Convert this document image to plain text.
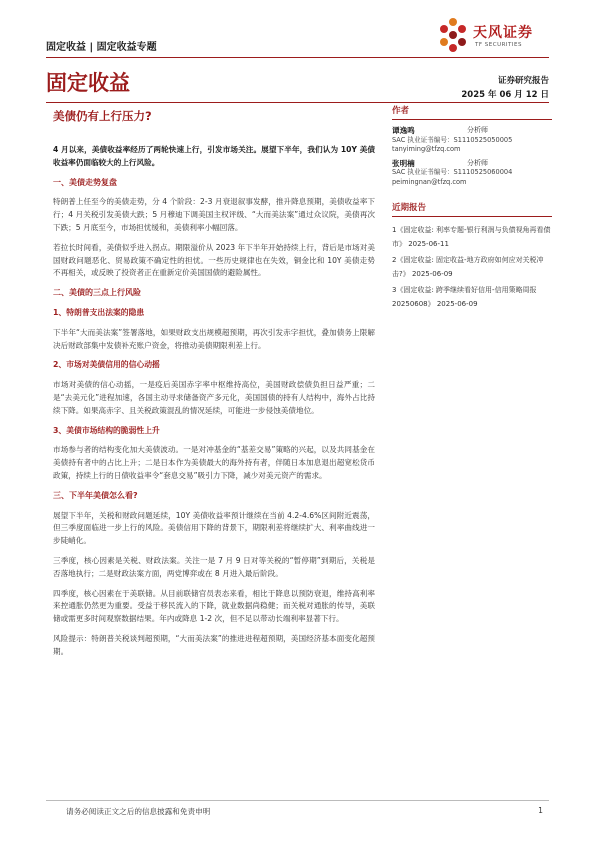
固定收益 | 固定收益专题
天风证券
TF SECURITIES
固定收益	证券研究报告
2025 年 06 月 12 日
美债仍有上行压力?

4 月以来，美债收益率经历了两轮快速上行，引发市场关注。展望下半年，我们认为 10Y 美债收益率仍面临较大的上行风险。

一、美债走势复盘

特朗普上任至今的美债走势，分 4 个阶段：2-3 月衰退叙事发酵，推升降息预期，美债收益率下行；4 月关税引发美债大跌；5 月穆迪下调美国主权评级、“大而美法案”通过众议院，美债再次下跌；5 月底至今，市场担忧缓和，美债利率小幅回落。

若拉长时间看，美债似乎进入拐点。期限溢价从 2023 年下半年开始持续上行，背后是市场对美国财政问题恶化、贸易政策不确定性的担忧。一些历史规律也在失效，铜金比和 10Y 美债走势不再相关，或反映了投资者正在重新定价美国国债的避险属性。

二、美债的三点上行风险
1、特朗普支出法案的隐患

下半年“大而美法案”签署落地，如果财政支出规模超预期，再次引发赤字担忧，叠加债务上限解决后财政部集中发债补充账户资金，将推动美债期限利差上行。

2、市场对美债信用的信心动摇

市场对美债的信心动摇，一是疫后美国赤字率中枢维持高位，美国财政偿债负担日益严重；二是“去美元化”进程加速，各国主动寻求储备资产多元化，美国国债的持有人结构中，海外占比持续下降。如果高赤字、且关税政策混乱的情况延续，可能进一步侵蚀美债地位。

3、美债市场结构的脆弱性上升

市场参与者的结构变化加大美债波动。一是对冲基金的“基差交易”策略的兴起，以及共同基金在美债持有者中的占比上升；二是日本作为美债最大的海外持有者，伴随日本加息退出超宽松货币政策，持续上行的日债收益率令“套息交易”吸引力下降，减少对美元资产的需求。

三、下半年美债怎么看?

展望下半年，关税和财政问题延续，10Y 美债收益率预计继续在当前 4.2-4.6%区间附近震荡，但三季度面临进一步上行的风险。美债信用下降的背景下，期限利差将继续扩大、利率曲线进一步陡峭化。

三季度，核心因素是关税、财政法案。关注一是 7 月 9 日对等关税的“暂停期”到期后，关税是否落地执行；二是财政法案方面，两党博弈或在 8 月进入最后阶段。

四季度，核心因素在于美联储。从目前联储官员表态来看，相比于降息以预防衰退，维持高利率来控通胀仍然更为重要。受益于移民流入的下降，就业数据尚稳健；而关税对通胀的传导，美联储或需更多时间观察数据结果。年内或降息 1-2 次，但不足以带动长端利率显著下行。

风险提示：特朗普关税谈判超预期，“大而美法案”的推进进程超预期，美国经济基本面变化超预期。

作者
谭逸鸣	分析师
SAC 执业证书编号：S1110525050005
tanyiming@tfzq.com
张明楠	分析师
SAC 执业证书编号：S1110525060004
peimingnan@tfzq.com
近期报告
1《固定收益: 利率专题-银行利润与负债视角再看债市》 2025-06-11
2《固定收益: 固定收益-地方政府如何应对关税冲击?》 2025-06-09
3《固定收益: 跨季继续看好信用-信用策略周报 20250608》 2025-06-09
请务必阅读正文之后的信息披露和免责申明	1
